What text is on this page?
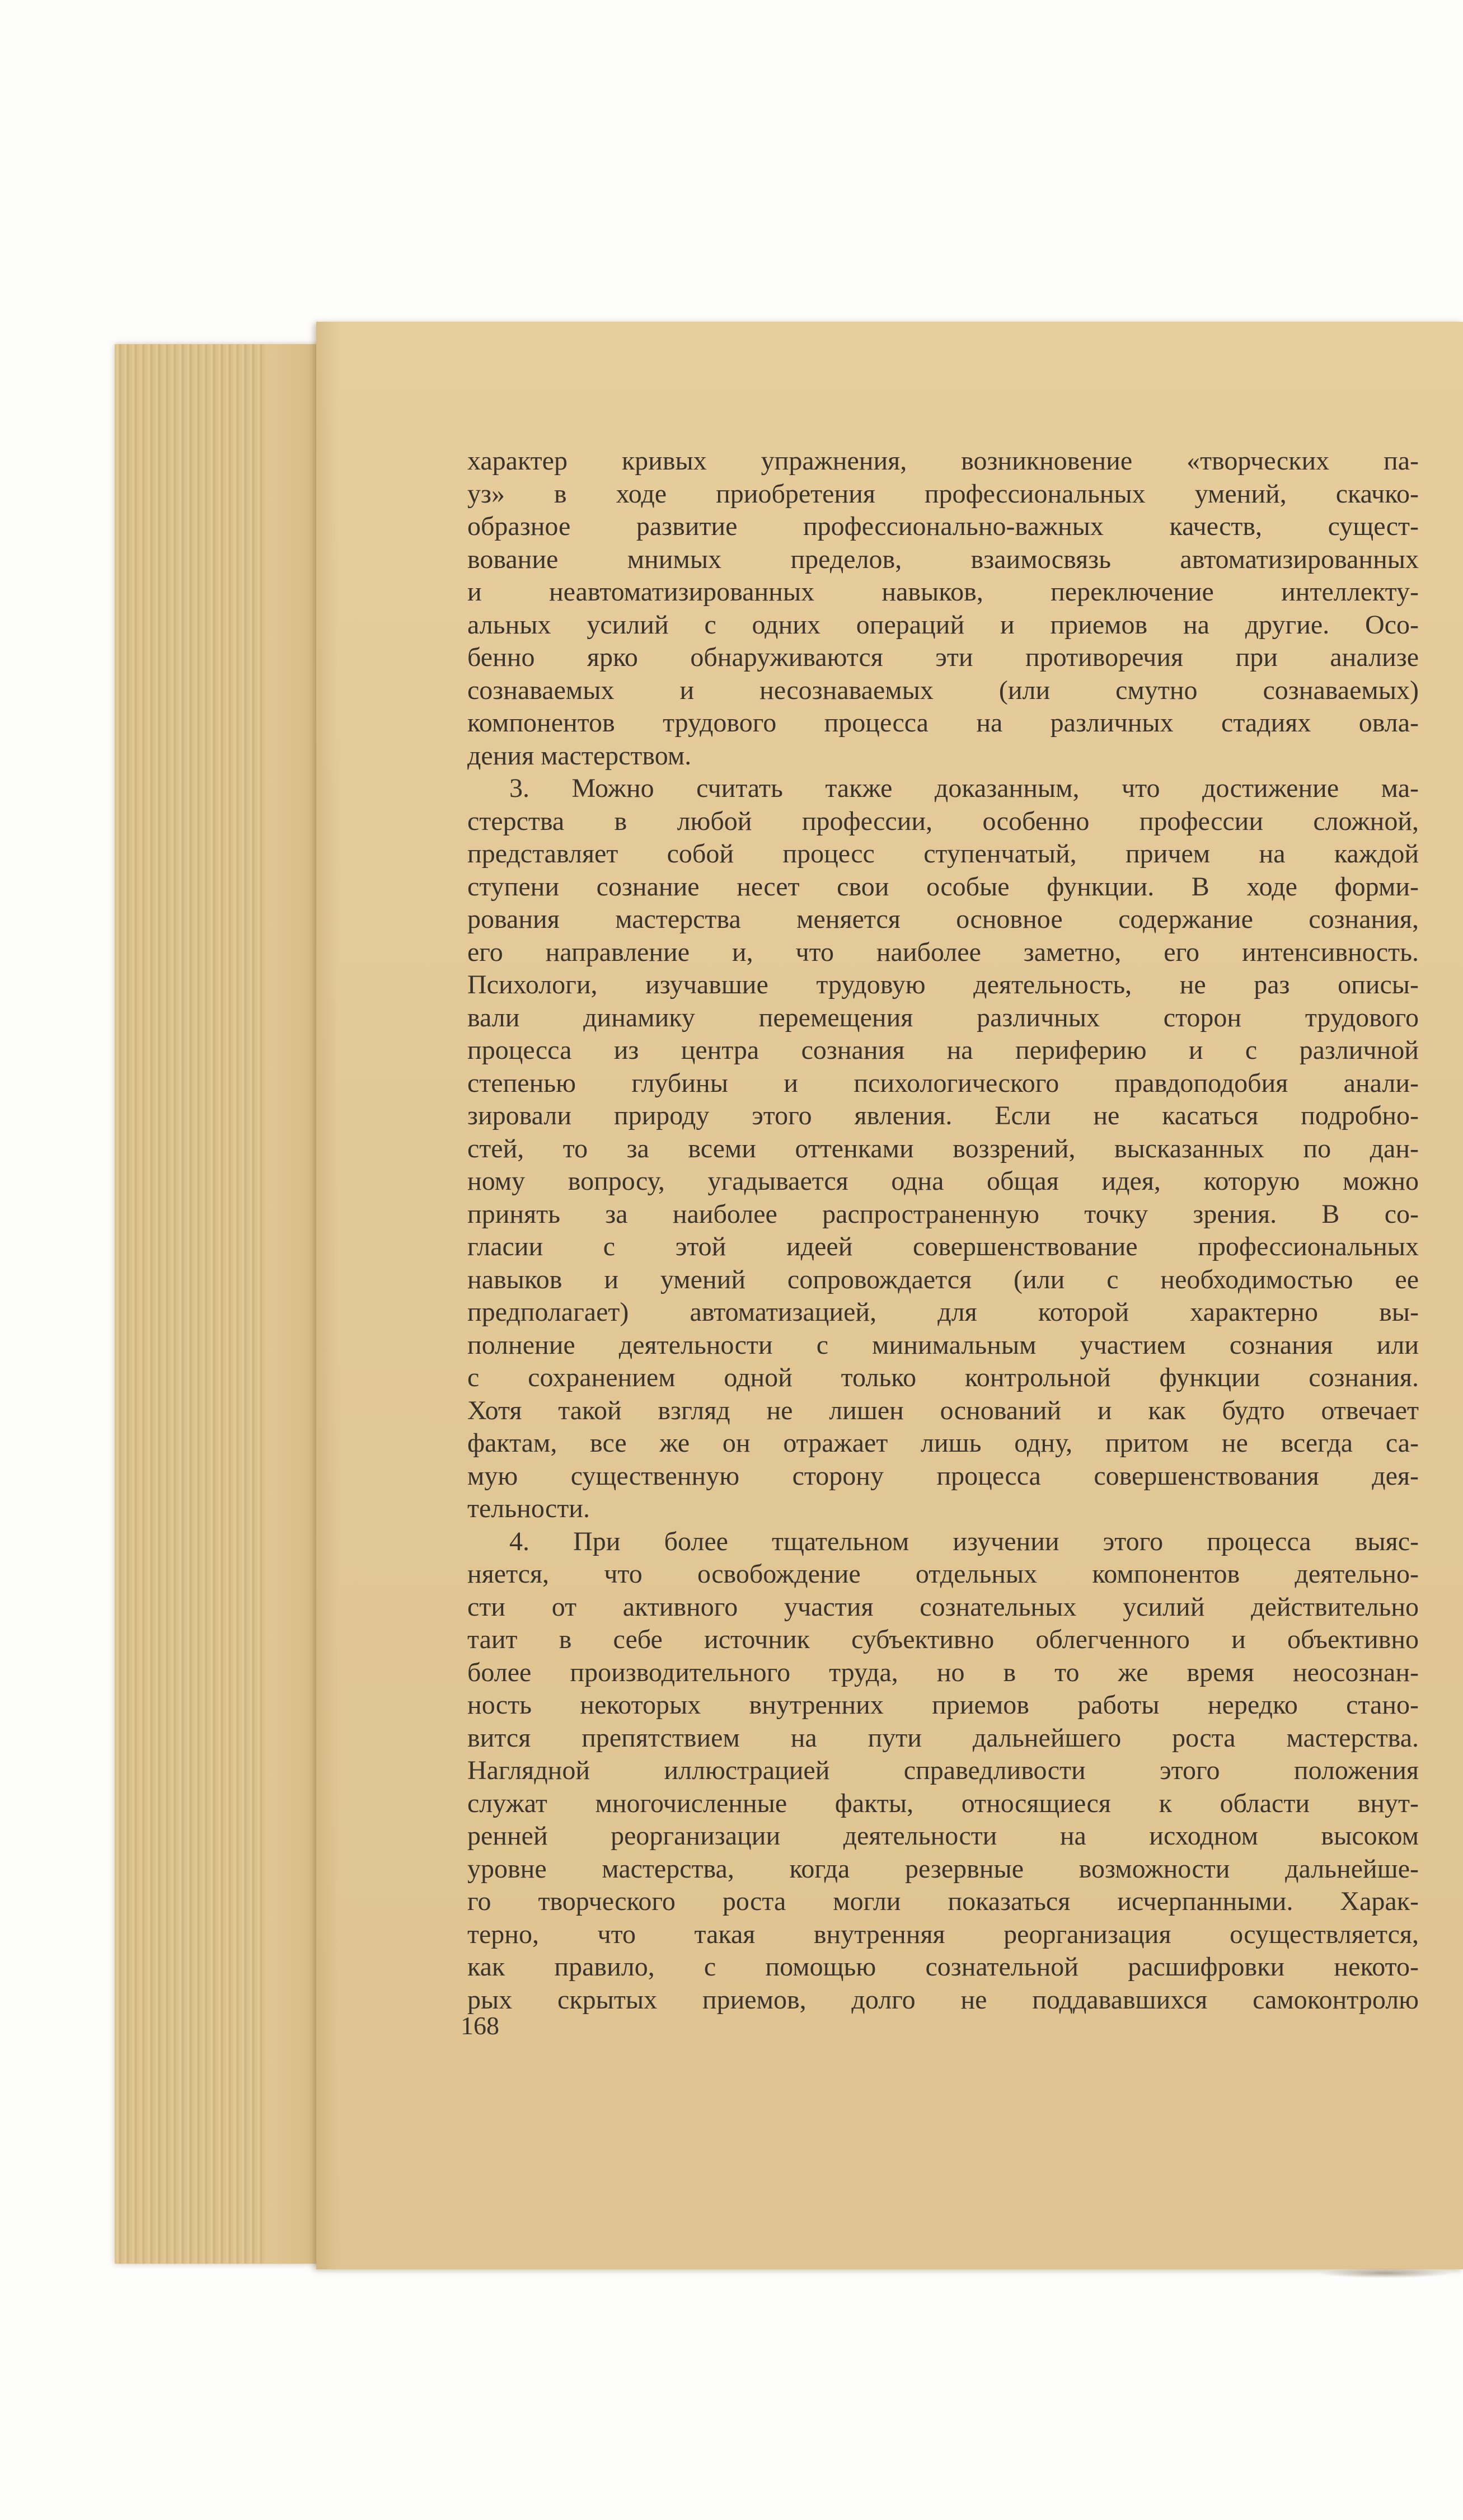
характер кривых упражнения, возникновение «творческих па-
уз» в ходе приобретения профессиональных умений, скачко-
образное развитие профессионально-важных качеств, сущест-
вование мнимых пределов, взаимосвязь автоматизированных
и неавтоматизированных навыков, переключение интеллекту-
альных усилий с одних операций и приемов на другие. Осо-
бенно ярко обнаруживаются эти противоречия при анализе
сознаваемых и несознаваемых (или смутно сознаваемых)
компонентов трудового процесса на различных стадиях овла-
дения мастерством.
3. Можно считать также доказанным, что достижение ма-
стерства в любой профессии, особенно профессии сложной,
представляет собой процесс ступенчатый, причем на каждой
ступени сознание несет свои особые функции. В ходе форми-
рования мастерства меняется основное содержание сознания,
его направление и, что наиболее заметно, его интенсивность.
Психологи, изучавшие трудовую деятельность, не раз описы-
вали динамику перемещения различных сторон трудового
процесса из центра сознания на периферию и с различной
степенью глубины и психологического правдоподобия анали-
зировали природу этого явления. Если не касаться подробно-
стей, то за всеми оттенками воззрений, высказанных по дан-
ному вопросу, угадывается одна общая идея, которую можно
принять за наиболее распространенную точку зрения. В со-
гласии с этой идеей совершенствование профессиональных
навыков и умений сопровождается (или с необходимостью ее
предполагает) автоматизацией, для которой характерно вы-
полнение деятельности с минимальным участием сознания или
с сохранением одной только контрольной функции сознания.
Хотя такой взгляд не лишен оснований и как будто отвечает
фактам, все же он отражает лишь одну, притом не всегда са-
мую существенную сторону процесса совершенствования дея-
тельности.
4. При более тщательном изучении этого процесса выяс-
няется, что освобождение отдельных компонентов деятельно-
сти от активного участия сознательных усилий действительно
таит в себе источник субъективно облегченного и объективно
более производительного труда, но в то же время неосознан-
ность некоторых внутренних приемов работы нередко стано-
вится препятствием на пути дальнейшего роста мастерства.
Наглядной иллюстрацией справедливости этого положения
служат многочисленные факты, относящиеся к области внут-
ренней реорганизации деятельности на исходном высоком
уровне мастерства, когда резервные возможности дальнейше-
го творческого роста могли показаться исчерпанными. Харак-
терно, что такая внутренняя реорганизация осуществляется,
как правило, с помощью сознательной расшифровки некото-
рых скрытых приемов, долго не поддававшихся самоконтролю
168
